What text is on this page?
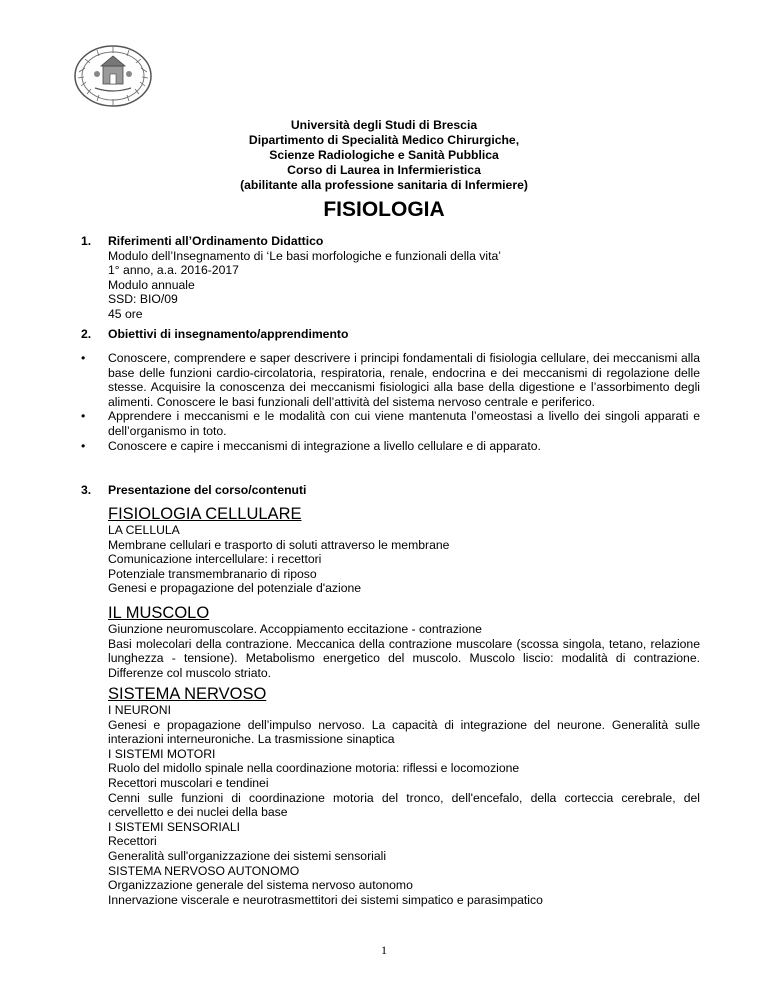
Università degli Studi di Brescia
Dipartimento di Specialità Medico Chirurgiche,
Scienze Radiologiche e Sanità Pubblica
Corso di Laurea in Infermieristica
(abilitante alla professione sanitaria di Infermiere)
FISIOLOGIA
1. Riferimenti all’Ordinamento Didattico
Modulo dell’Insegnamento di ‘Le basi morfologiche e funzionali della vita’
1° anno, a.a. 2016-2017
Modulo annuale
SSD: BIO/09
45 ore
2. Obiettivi di insegnamento/apprendimento
• Conoscere, comprendere e saper descrivere i principi fondamentali di fisiologia cellulare, dei meccanismi alla base delle funzioni cardio-circolatoria, respiratoria, renale, endocrina e dei meccanismi di regolazione delle stesse. Acquisire la conoscenza dei meccanismi fisiologici alla base della digestione e l’assorbimento degli alimenti. Conoscere le basi funzionali dell’attività del sistema nervoso centrale e periferico.
• Apprendere i meccanismi e le modalità con cui viene mantenuta l’omeostasi a livello dei singoli apparati e dell’organismo in toto.
• Conoscere e capire i meccanismi di integrazione a livello cellulare e di apparato.
3. Presentazione del corso/contenuti
FISIOLOGIA CELLULARE
LA CELLULA
Membrane cellulari e trasporto di soluti attraverso le membrane
Comunicazione intercellulare: i recettori
Potenziale transmembranario di riposo
Genesi e propagazione del potenziale d'azione
IL MUSCOLO
Giunzione neuromuscolare. Accoppiamento eccitazione - contrazione
Basi molecolari della contrazione. Meccanica della contrazione muscolare (scossa singola, tetano, relazione lunghezza - tensione). Metabolismo energetico del muscolo. Muscolo liscio: modalità di contrazione. Differenze col muscolo striato.
SISTEMA NERVOSO
I NEURONI
Genesi e propagazione dell’impulso nervoso. La capacità di integrazione del neurone. Generalità sulle interazioni interneuroniche. La trasmissione sinaptica
I SISTEMI MOTORI
Ruolo del midollo spinale nella coordinazione motoria: riflessi e locomozione
Recettori muscolari e tendinei
Cenni sulle funzioni di coordinazione motoria del tronco, dell'encefalo, della corteccia cerebrale, del cervelletto e dei nuclei della base
I SISTEMI SENSORIALI
Recettori
Generalità sull'organizzazione dei sistemi sensoriali
SISTEMA NERVOSO AUTONOMO
Organizzazione generale del sistema nervoso autonomo
Innervazione viscerale e neurotrasmettitori dei sistemi simpatico e parasimpatico
1
